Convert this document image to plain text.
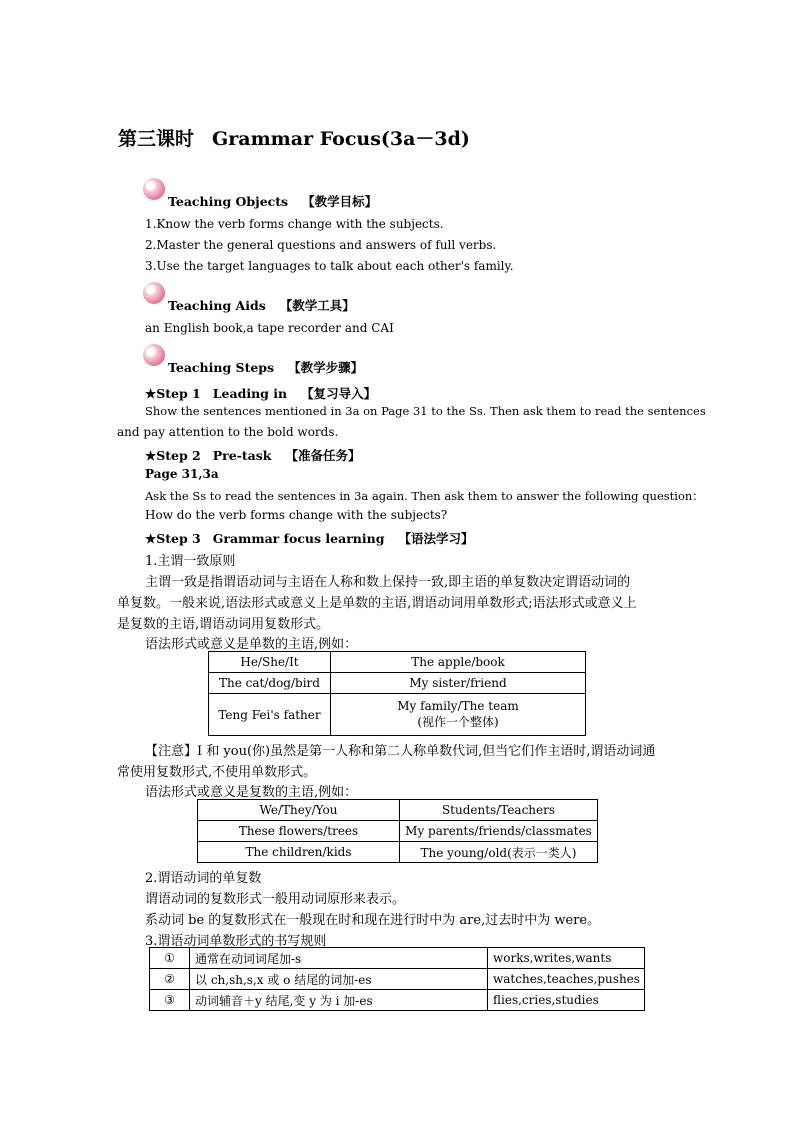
第三课时 Grammar Focus(3a－3d)
Teaching Objects 【教学目标】
1.Know the verb forms change with the subjects.
2.Master the general questions and answers of full verbs.
3.Use the target languages to talk about each other's family.
Teaching Aids 【教学工具】
an English book,a tape recorder and CAI
Teaching Steps 【教学步骤】
★Step 1 Leading in 【复习导入】
Show the sentences mentioned in 3a on Page 31 to the Ss. Then ask them to read the sentences
and pay attention to the bold words.
★Step 2 Pre-task 【准备任务】
Page 31,3a
Ask the Ss to read the sentences in 3a again. Then ask them to answer the following question：
How do the verb forms change with the subjects?
★Step 3 Grammar focus learning 【语法学习】
1.主谓一致原则
主谓一致是指谓语动词与主语在人称和数上保持一致,即主语的单复数决定谓语动词的
单复数。一般来说,语法形式或意义上是单数的主语,谓语动词用单数形式;语法形式或意义上
是复数的主语,谓语动词用复数形式。
语法形式或意义是单数的主语,例如：
He/She/It	The apple/book
The cat/dog/bird	My sister/friend
Teng Fei's father	My family/The team
(视作一个整体)
【注意】I 和 you(你)虽然是第一人称和第二人称单数代词,但当它们作主语时,谓语动词通
常使用复数形式,不使用单数形式。
语法形式或意义是复数的主语,例如：
We/They/You	Students/Teachers
These flowers/trees	My parents/friends/classmates
The children/kids	The young/old(表示一类人)
2.谓语动词的单复数
谓语动词的复数形式一般用动词原形来表示。
系动词 be 的复数形式在一般现在时和现在进行时中为 are,过去时中为 were。
3.谓语动词单数形式的书写规则
①	通常在动词词尾加-s	works,writes,wants
②	以 ch,sh,s,x 或 o 结尾的词加-es	watches,teaches,pushes
③	动词辅音＋y 结尾,变 y 为 i 加-es	flies,cries,studies
